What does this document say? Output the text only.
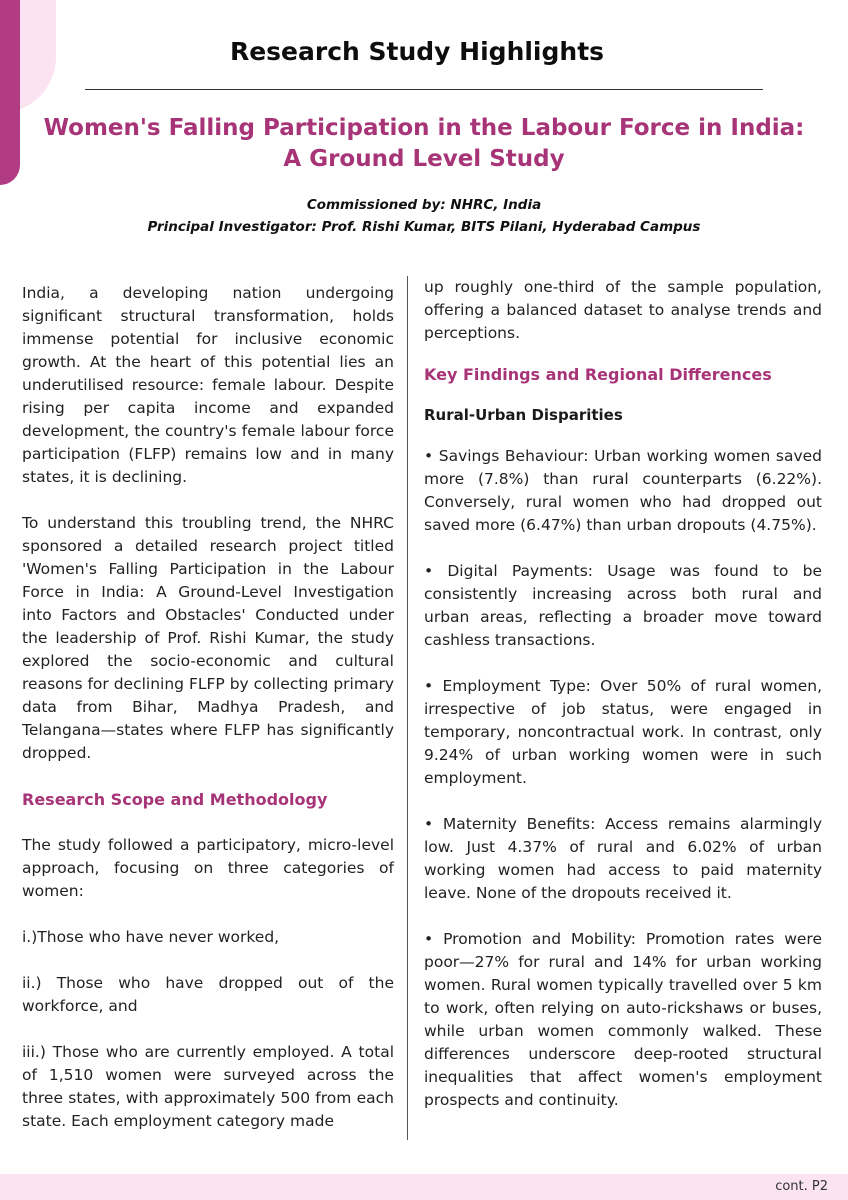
Research Study Highlights
Women's Falling Participation in the Labour Force in India:
A Ground Level Study
Commissioned by: NHRC, India
Principal Investigator: Prof. Rishi Kumar, BITS Pilani, Hyderabad Campus

India, a developing nation undergoing significant structural transformation, holds immense potential for inclusive economic growth. At the heart of this potential lies an underutilised resource: female labour. Despite rising per capita income and expanded development, the country's female labour force participation (FLFP) remains low and in many states, it is declining.

To understand this troubling trend, the NHRC sponsored a detailed research project titled 'Women's Falling Participation in the Labour Force in India: A Ground-Level Investigation into Factors and Obstacles' Conducted under the leadership of Prof. Rishi Kumar, the study explored the socio-economic and cultural reasons for declining FLFP by collecting primary data from Bihar, Madhya Pradesh, and Telangana—states where FLFP has significantly dropped.

Research Scope and Methodology

The study followed a participatory, micro-level approach, focusing on three categories of women:

i.)Those who have never worked,

ii.) Those who have dropped out of the workforce, and

iii.) Those who are currently employed. A total of 1,510 women were surveyed across the three states, with approximately 500 from each state. Each employment category made

up roughly one-third of the sample population, offering a balanced dataset to analyse trends and perceptions.

Key Findings and Regional Differences

Rural-Urban Disparities

• Savings Behaviour: Urban working women saved more (7.8%) than rural counterparts (6.22%). Conversely, rural women who had dropped out saved more (6.47%) than urban dropouts (4.75%).

• Digital Payments: Usage was found to be consistently increasing across both rural and urban areas, reflecting a broader move toward cashless transactions.

• Employment Type: Over 50% of rural women, irrespective of job status, were engaged in temporary, noncontractual work. In contrast, only 9.24% of urban working women were in such employment.

• Maternity Benefits: Access remains alarmingly low. Just 4.37% of rural and 6.02% of urban working women had access to paid maternity leave. None of the dropouts received it.

• Promotion and Mobility: Promotion rates were poor—27% for rural and 14% for urban working women. Rural women typically travelled over 5 km to work, often relying on auto-rickshaws or buses, while urban women commonly walked. These differences underscore deep-rooted structural inequalities that affect women's employment prospects and continuity.

cont. P2
